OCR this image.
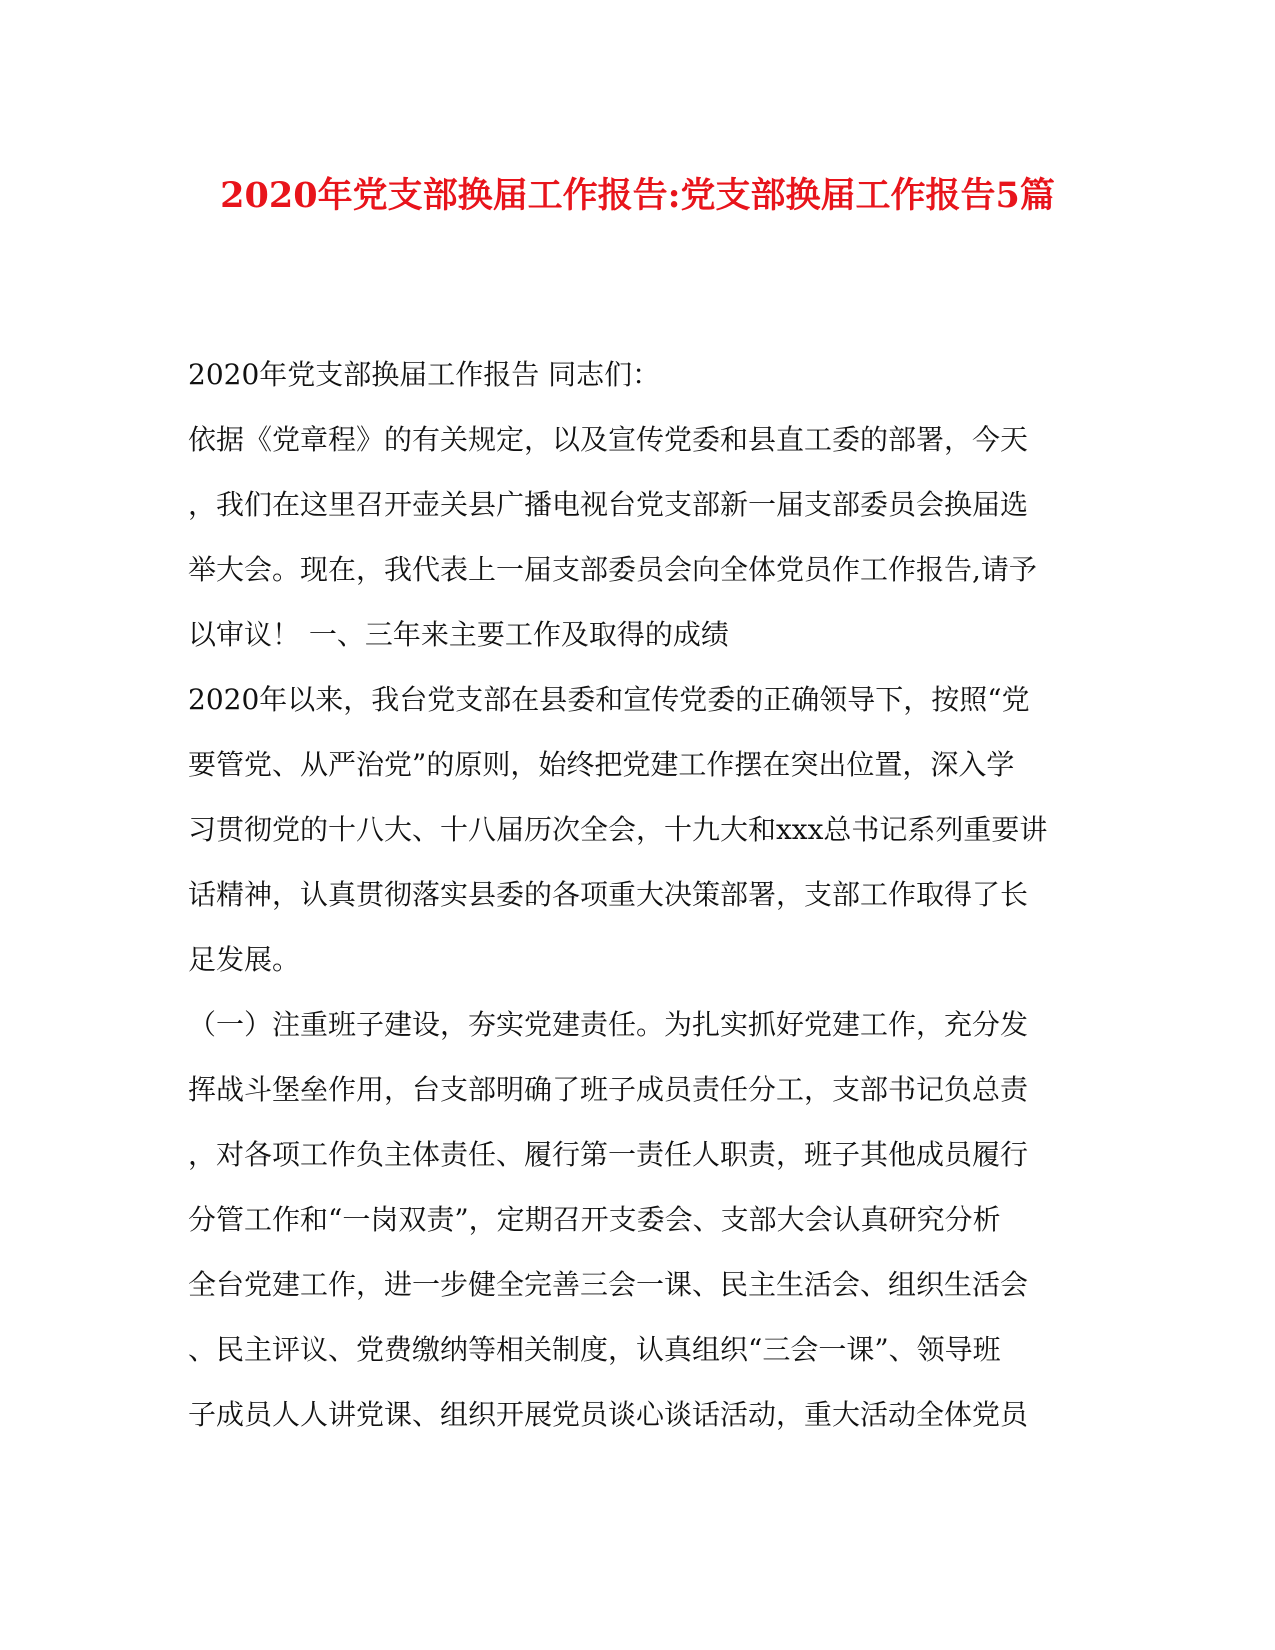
2020年党支部换届工作报告:党支部换届工作报告5篇
2020年党支部换届工作报告 同志们：
依据《党章程》的有关规定，以及宣传党委和县直工委的部署，今天
，我们在这里召开壶关县广播电视台党支部新一届支部委员会换届选
举大会。现在，我代表上一届支部委员会向全体党员作工作报告,请予
以审议！ 一、三年来主要工作及取得的成绩
2020年以来，我台党支部在县委和宣传党委的正确领导下，按照“党
要管党、从严治党”的原则，始终把党建工作摆在突出位置，深入学
习贯彻党的十八大、十八届历次全会，十九大和xxx总书记系列重要讲
话精神，认真贯彻落实县委的各项重大决策部署，支部工作取得了长
足发展。
（一）注重班子建设，夯实党建责任。为扎实抓好党建工作，充分发
挥战斗堡垒作用，台支部明确了班子成员责任分工，支部书记负总责
，对各项工作负主体责任、履行第一责任人职责，班子其他成员履行
分管工作和“一岗双责”，定期召开支委会、支部大会认真研究分析
全台党建工作，进一步健全完善三会一课、民主生活会、组织生活会
、民主评议、党费缴纳等相关制度，认真组织“三会一课”、领导班
子成员人人讲党课、组织开展党员谈心谈话活动，重大活动全体党员
